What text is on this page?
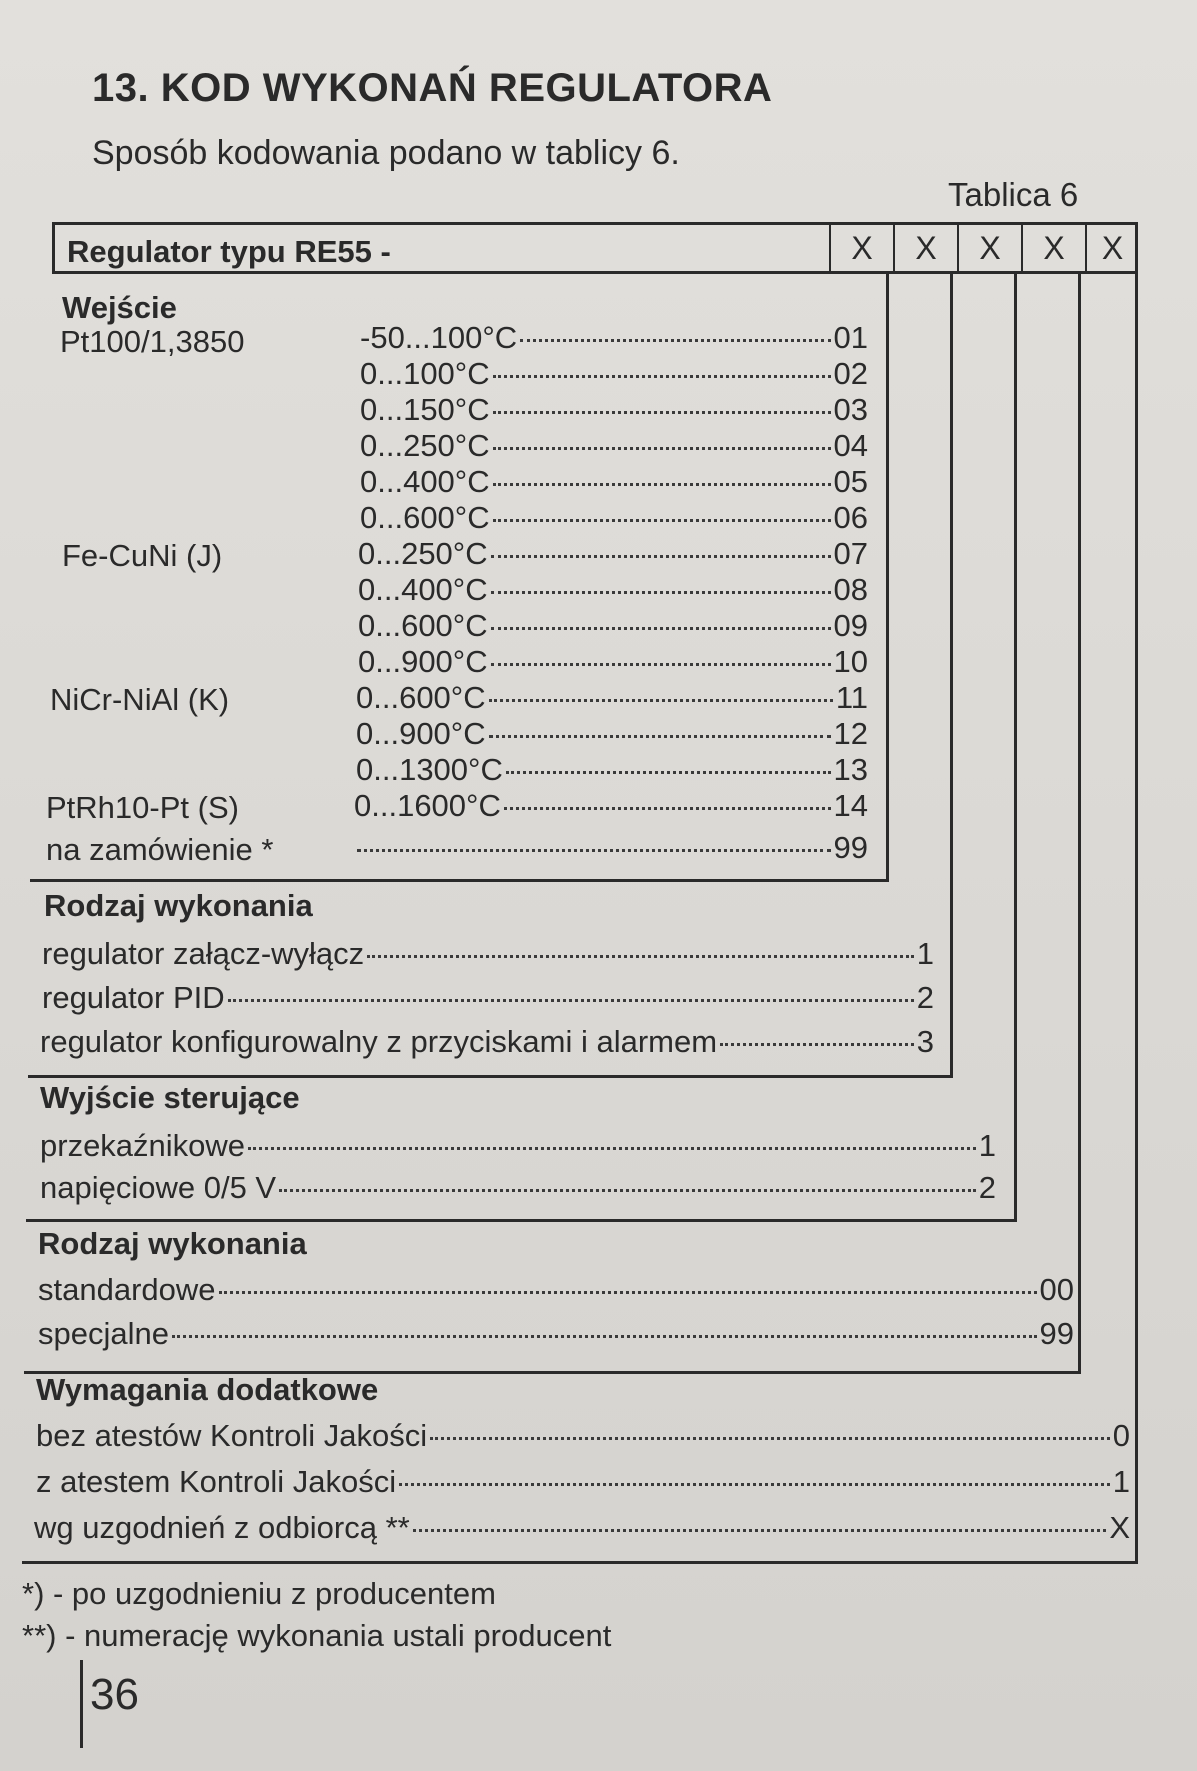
13. KOD WYKONAŃ REGULATORA
Sposób kodowania podano w tablicy 6.
Tablica 6
Regulator typu RE55 -	X	X	X	X	X
Wejście
Pt100/1,3850	-50...100°C	01
0...100°C	02
0...150°C	03
0...250°C	04
0...400°C	05
0...600°C	06
Fe-CuNi (J)	0...250°C	07
0...400°C	08
0...600°C	09
0...900°C	10
NiCr-NiAl (K)	0...600°C	11
0...900°C	12
0...1300°C	13
PtRh10-Pt (S)	0...1600°C	14
na zamówienie *	99
Rodzaj wykonania
regulator załącz-wyłącz	1
regulator PID	2
regulator konfigurowalny z przyciskami i alarmem	3
Wyjście sterujące
przekaźnikowe	1
napięciowe 0/5 V	2
Rodzaj wykonania
standardowe	00
specjalne	99
Wymagania dodatkowe
bez atestów Kontroli Jakości	0
z atestem Kontroli Jakości	1
wg uzgodnień z odbiorcą **	X
*) - po uzgodnieniu z producentem
**) - numerację wykonania ustali producent
36
